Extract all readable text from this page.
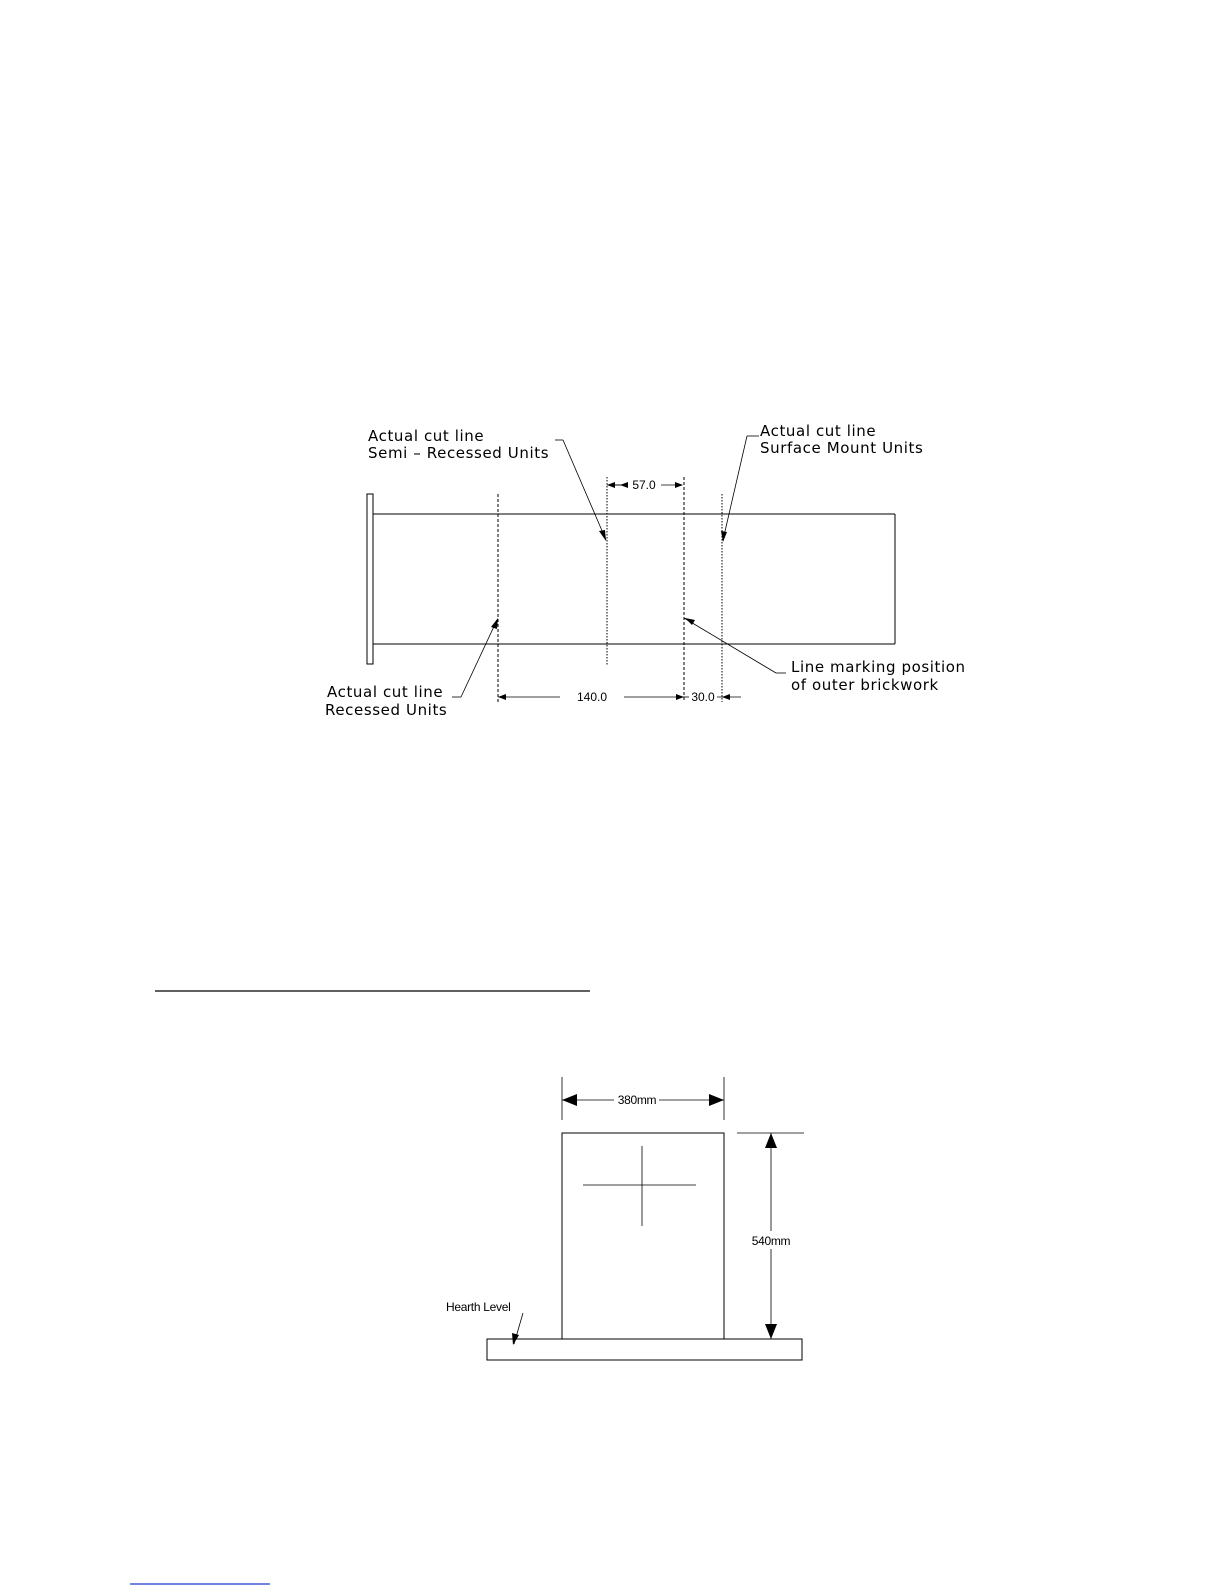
57.0
140.0	30.0
Actual cut line
Semi – Recessed Units
Actual cut line
Surface Mount Units
Actual cut line
Recessed Units
Line marking position
of outer brickwork
380mm
540mm
Hearth Level
